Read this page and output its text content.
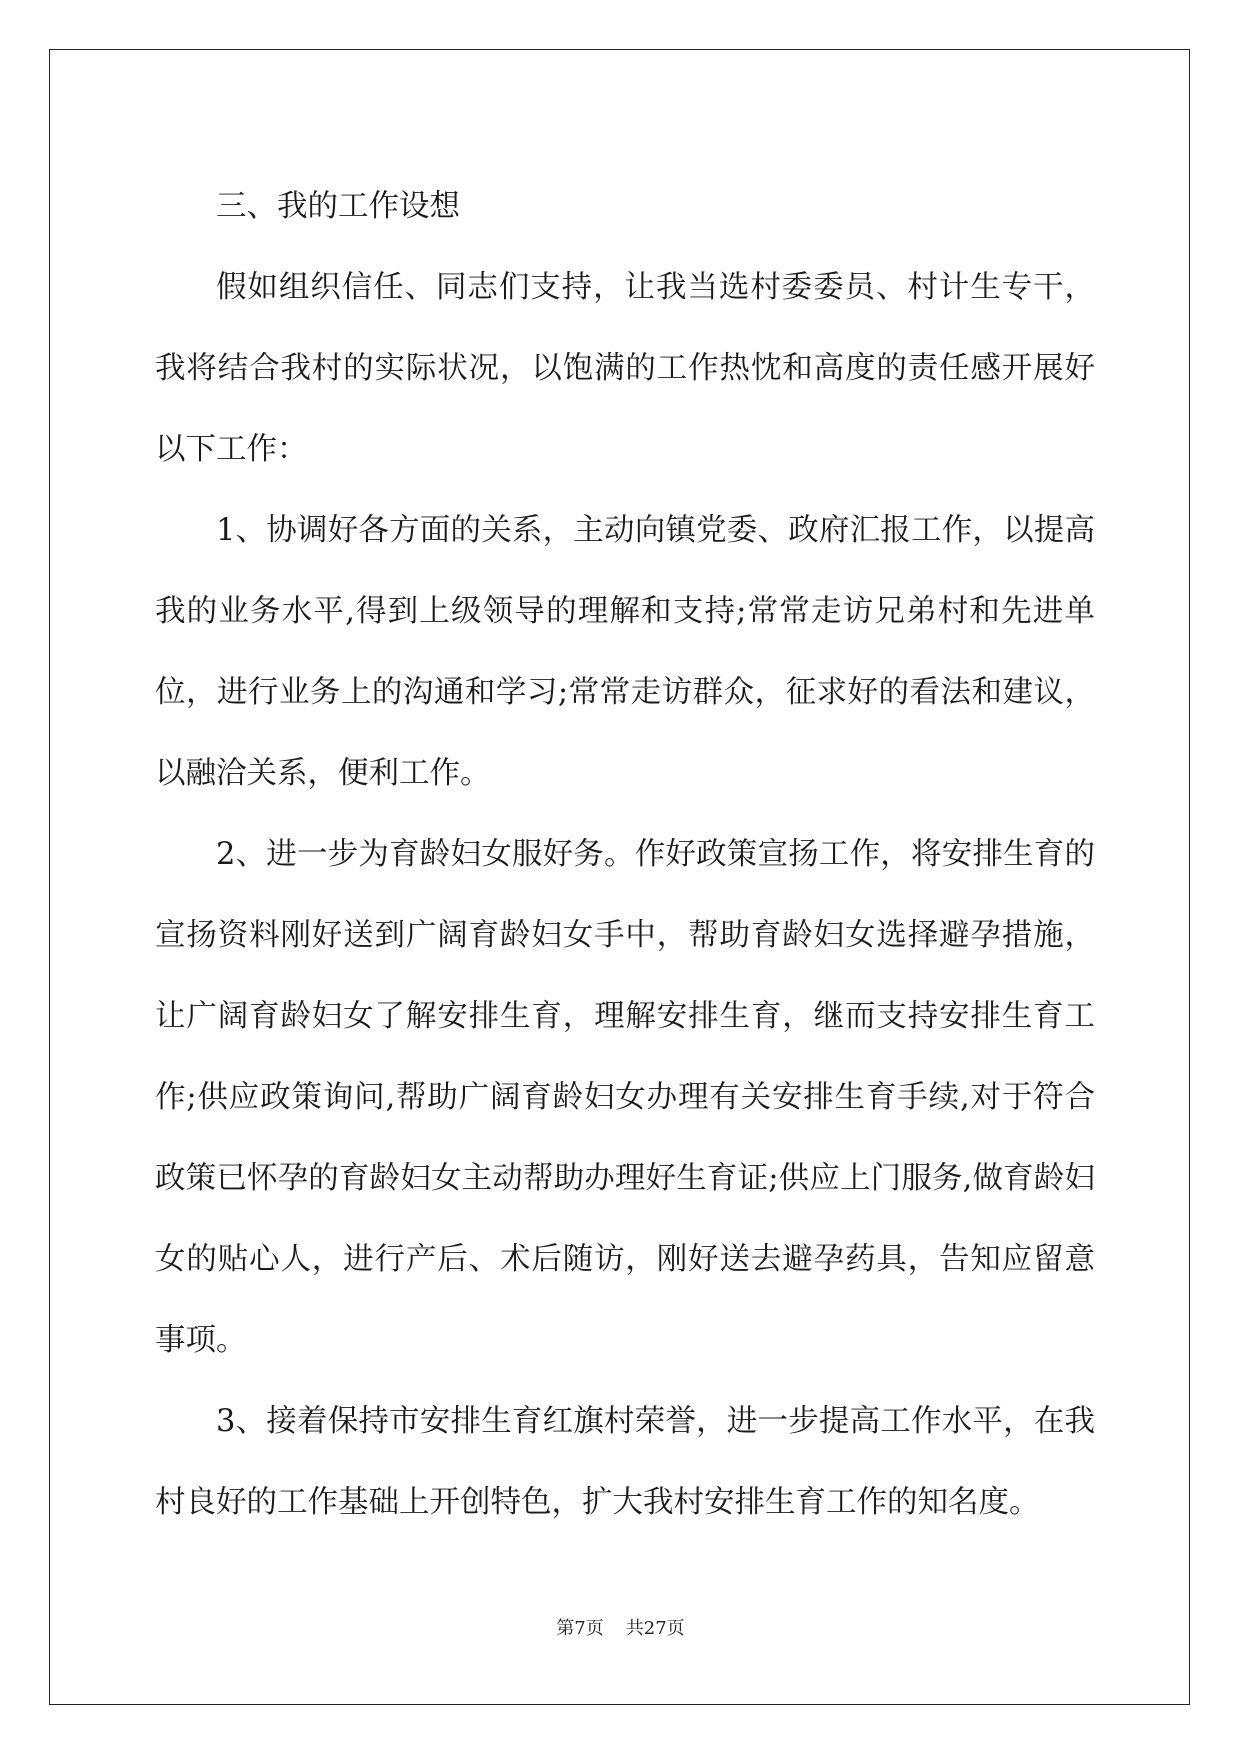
三、我的工作设想

假如组织信任、同志们支持，让我当选村委委员、村计生专干，我将结合我村的实际状况，以饱满的工作热忱和高度的责任感开展好以下工作：

1、协调好各方面的关系，主动向镇党委、政府汇报工作，以提高我的业务水平,得到上级领导的理解和支持;常常走访兄弟村和先进单位，进行业务上的沟通和学习;常常走访群众，征求好的看法和建议，以融洽关系，便利工作。

2、进一步为育龄妇女服好务。作好政策宣扬工作，将安排生育的宣扬资料刚好送到广阔育龄妇女手中，帮助育龄妇女选择避孕措施，让广阔育龄妇女了解安排生育，理解安排生育，继而支持安排生育工作;供应政策询问,帮助广阔育龄妇女办理有关安排生育手续,对于符合政策已怀孕的育龄妇女主动帮助办理好生育证;供应上门服务,做育龄妇女的贴心人，进行产后、术后随访，刚好送去避孕药具，告知应留意事项。

3、接着保持市安排生育红旗村荣誉，进一步提高工作水平，在我村良好的工作基础上开创特色，扩大我村安排生育工作的知名度。

第7页 共27页
